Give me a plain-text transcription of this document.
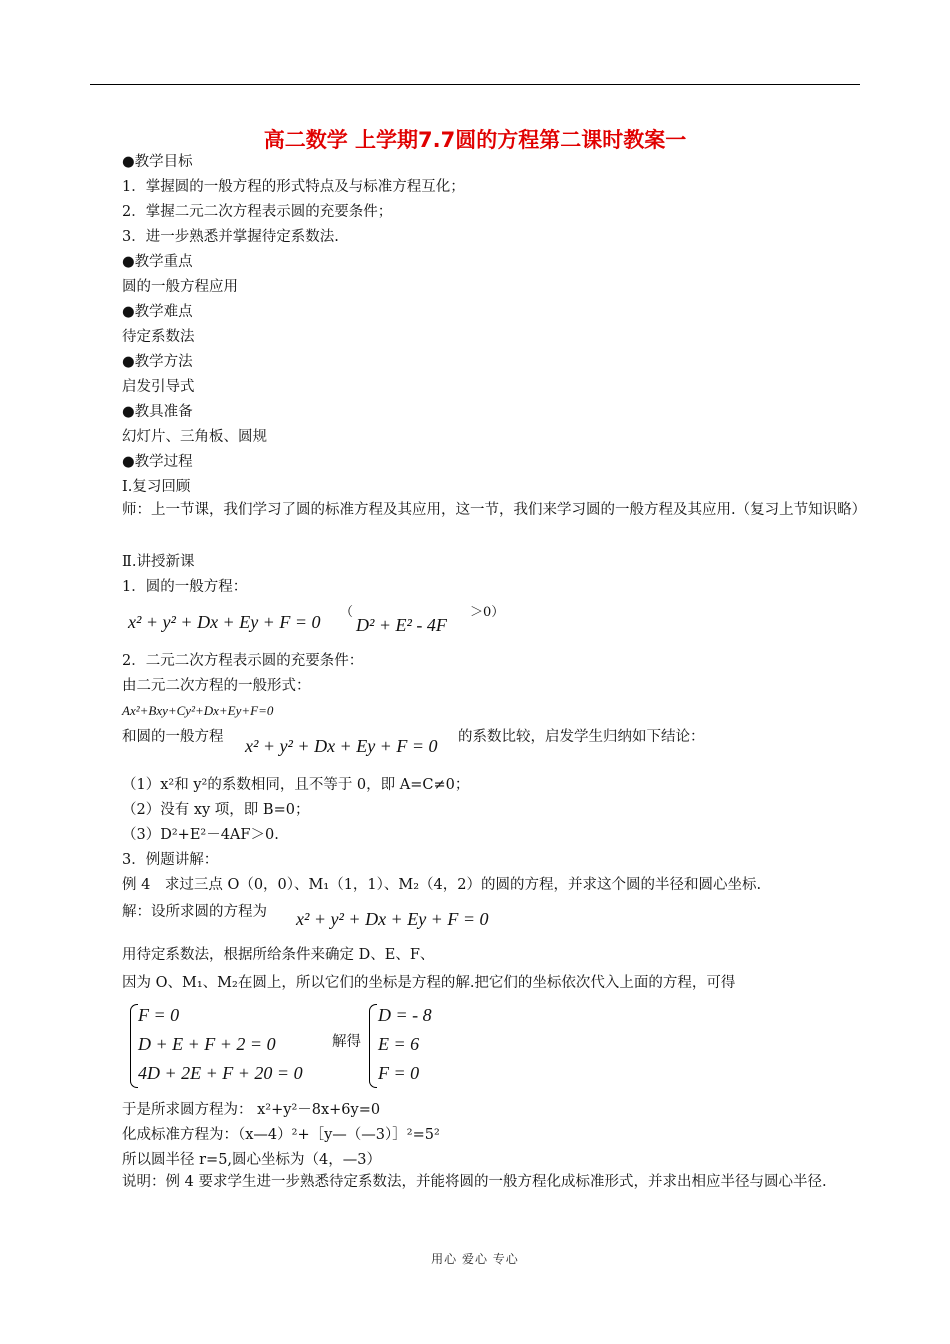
高二数学 上学期7.7圆的方程第二课时教案一
●教学目标
1．掌握圆的一般方程的形式特点及与标准方程互化；
2．掌握二元二次方程表示圆的充要条件；
3．进一步熟悉并掌握待定系数法.
●教学重点
圆的一般方程应用
●教学难点
待定系数法
●教学方法
启发引导式
●教具准备
幻灯片、三角板、圆规
●教学过程
Ⅰ.复习回顾
师：上一节课，我们学习了圆的标准方程及其应用，这一节，我们来学习圆的一般方程及其应用.（复习上节知识略）
Ⅱ.讲授新课
1．圆的一般方程：
x² + y² + Dx + Ey + F = 0 （
D² + E² - 4F
＞0）
2．二元二次方程表示圆的充要条件：
由二元二次方程的一般形式：
Ax²+Bxy+Cy²+Dx+Ey+F=0
和圆的一般方程 x² + y² + Dx + Ey + F = 0 的系数比较，启发学生归纳如下结论：
（1）x²和 y²的系数相同，且不等于 0，即 A=C≠0；
（2）没有 xy 项，即 B=0；
（3）D²+E²－4AF＞0.
3．例题讲解：
例 4　求过三点 O（0，0）、M₁（1，1）、M₂（4，2）的圆的方程，并求这个圆的半径和圆心坐标.
解：设所求圆的方程为 x² + y² + Dx + Ey + F = 0
用待定系数法，根据所给条件来确定 D、E、F、
因为 O、M₁、M₂在圆上，所以它们的坐标是方程的解.把它们的坐标依次代入上面的方程，可得
F = 0
D + E + F + 2 = 0
4D + 2E + F + 20 = 0
解得
D = - 8
E = 6
F = 0
于是所求圆方程为： x²+y²－8x+6y=0
化成标准方程为：（x—4）²+［y—（—3）］²=5²
所以圆半径 r=5,圆心坐标为（4，—3）
说明：例 4 要求学生进一步熟悉待定系数法，并能将圆的一般方程化成标准形式，并求出相应半径与圆心半径.
用心 爱心 专心
